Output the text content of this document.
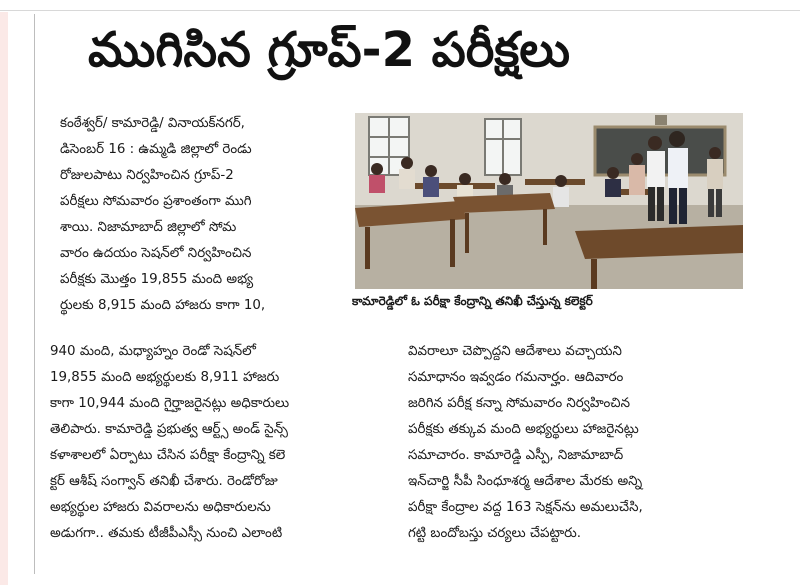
ముగిసిన గ్రూప్‌-2 పరీక్షలు
కామారెడ్డిలో ఓ పరీక్షా కేంద్రాన్ని తనిఖీ చేస్తున్న కలెక్టర్‌
కంఠేశ్వర్‌/ కామారెడ్డి/ వినాయక్‌నగర్‌,
డిసెంబర్‌ 16 : ఉమ్మడి జిల్లాలో రెండు
రోజులపాటు నిర్వహించిన గ్రూప్‌-2
పరీక్షలు సోమవారం ప్రశాంతంగా ముగి
శాయి. నిజామాబాద్‌ జిల్లాలో సోమ
వారం ఉదయం సెషన్‌లో నిర్వహించిన
పరీక్షకు మొత్తం 19,855 మంది అభ్య
ర్థులకు 8,915 మంది హాజరు కాగా 10,
940 మంది, మధ్యాహ్నం రెండో సెషన్‌లో
19,855 మంది అభ్యర్థులకు 8,911 హాజరు
కాగా 10,944 మంది గైర్హాజరైనట్లు అధికారులు
తెలిపారు. కామారెడ్డి ప్రభుత్వ ఆర్ట్స్‌ అండ్‌ సైన్స్‌
కళాశాలలో ఏర్పాటు చేసిన పరీక్షా కేంద్రాన్ని కలె
క్టర్‌ ఆశీష్‌ సంగ్వాన్‌ తనిఖీ చేశారు. రెండోరోజు
అభ్యర్థుల హాజరు వివరాలను అధికారులను
అడుగగా.. తమకు టీజీపీఎస్సీ నుంచి ఎలాంటి
వివరాలూ చెప్పొద్దని ఆదేశాలు వచ్చాయని
సమాధానం ఇవ్వడం గమనార్హం. ఆదివారం
జరిగిన పరీక్ష కన్నా సోమవారం నిర్వహించిన
పరీక్షకు తక్కువ మంది అభ్యర్థులు హాజరైనట్లు
సమాచారం. కామారెడ్డి ఎస్పీ, నిజామాబాద్‌
ఇన్‌చార్జి సీపీ సింధూశర్మ ఆదేశాల మేరకు అన్ని
పరీక్షా కేంద్రాల వద్ద 163 సెక్షన్‌ను అమలుచేసి,
గట్టి బందోబస్తు చర్యలు చేపట్టారు.
